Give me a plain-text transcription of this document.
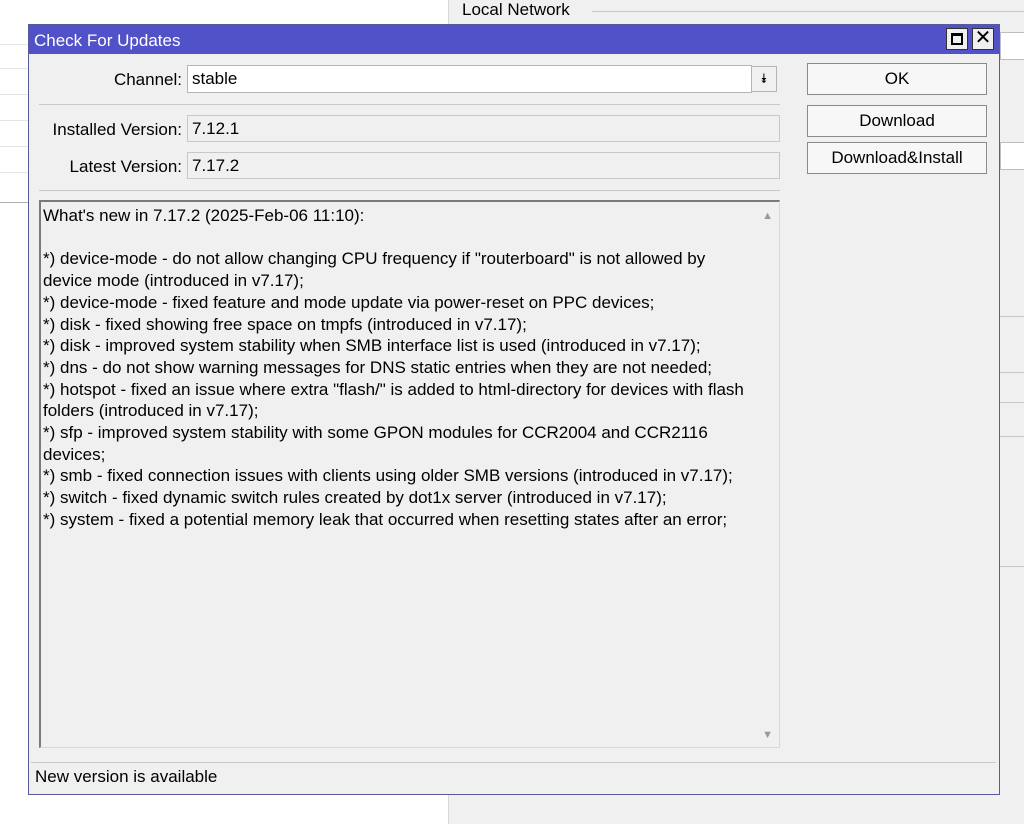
Local Network
Check For Updates	✕
Channel: stable	⯯
Installed Version: 7.12.1
Latest Version: 7.17.2
What's new in 7.17.2 (2025-Feb-06 11:10):

*) device-mode - do not allow changing CPU frequency if "routerboard" is not allowed by device mode (introduced in v7.17);
*) device-mode - fixed feature and mode update via power-reset on PPC devices;
*) disk - fixed showing free space on tmpfs (introduced in v7.17);
*) disk - improved system stability when SMB interface list is used (introduced in v7.17);
*) dns - do not show warning messages for DNS static entries when they are not needed;
*) hotspot - fixed an issue where extra "flash/" is added to html-directory for devices with flash folders (introduced in v7.17);
*) sfp - improved system stability with some GPON modules for CCR2004 and CCR2116 devices;
*) smb - fixed connection issues with clients using older SMB versions (introduced in v7.17);
*) switch - fixed dynamic switch rules created by dot1x server (introduced in v7.17);
*) system - fixed a potential memory leak that occurred when resetting states after an error;
▲
▼
OK
Download
Download&Install
New version is available
